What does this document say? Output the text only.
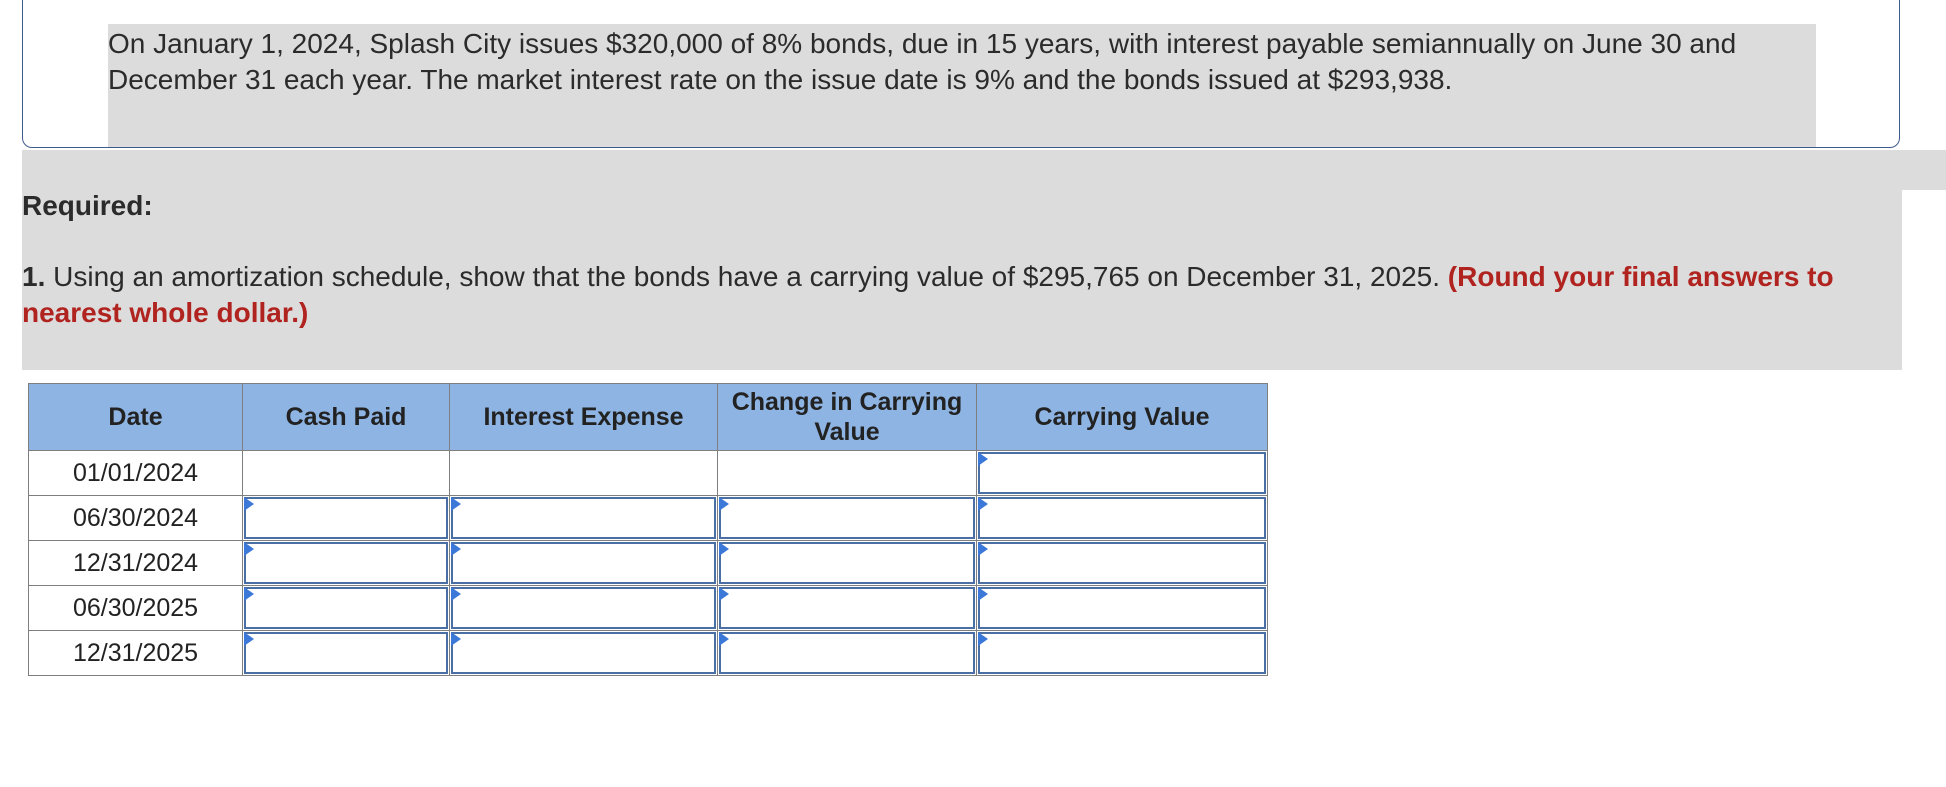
On January 1, 2024, Splash City issues $320,000 of 8% bonds, due in 15 years, with interest payable semiannually on June 30 and December 31 each year. The market interest rate on the issue date is 9% and the bonds issued at $293,938.
Required:
1. Using an amortization schedule, show that the bonds have a carrying value of $295,765 on December 31, 2025. (Round your final answers to nearest whole dollar.)
Date	Cash Paid	Interest Expense	Change in Carrying Value	Carrying Value
01/01/2024				

06/30/2024	

12/31/2024	

06/30/2025	

12/31/2025	
